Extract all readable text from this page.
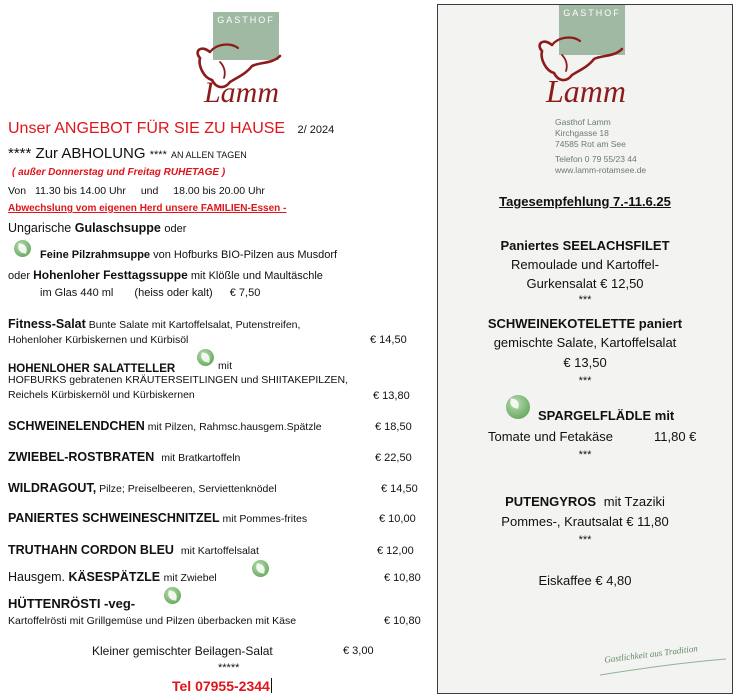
GASTHOF
Lamm
Unser ANGEBOT FÜR SIE ZU HAUSE 2/ 2024
**** Zur ABHOLUNG **** AN ALLEN TAGEN
( außer Donnerstag und Freitag RUHETAGE )
Von 11.30 bis 14.00 Uhr und 18.00 bis 20.00 Uhr
Abwechslung vom eigenen Herd unsere FAMILIEN-Essen -
Ungarische Gulaschsuppe oder
Feine Pilzrahmsuppe von Hofburks BIO-Pilzen aus Musdorf
oder Hohenloher Festtagssuppe mit Klößle und Maultäschle
im Glas 440 ml (heiss oder kalt) € 7,50
Fitness-Salat Bunte Salate mit Kartoffelsalat, Putenstreifen,
Hohenloher Kürbiskernen und Kürbisöl	€ 14,50
HOHENLOHER SALATTELLER	mit
HOFBURKS gebratenen KRÄUTERSEITLINGEN und SHIITAKEPILZEN,
Reichels Kürbiskernöl und Kürbiskernen	€ 13,80
SCHWEINELENDCHEN mit Pilzen, Rahmsc.hausgem.Spätzle	€ 18,50
ZWIEBEL-ROSTBRATEN mit Bratkartoffeln	€ 22,50
WILDRAGOUT, Pilze; Preiselbeeren, Serviettenknödel	€ 14,50
PANIERTES SCHWEINESCHNITZEL mit Pommes-frites	€ 10,00
TRUTHAHN CORDON BLEU mit Kartoffelsalat	€ 12,00
Hausgem. KÄSESPÄTZLE mit Zwiebel	€ 10,80
HÜTTENRÖSTI -veg-
Kartoffelrösti mit Grillgemüse und Pilzen überbacken mit Käse	€ 10,80
Kleiner gemischter Beilagen-Salat	€ 3,00
*****
Tel 07955-2344
GASTHOF
Lamm
Gasthof Lamm
Kirchgasse 18
74585 Rot am See
Telefon 0 79 55/23 44
www.lamm-rotamsee.de
Tagesempfehlung 7.-11.6.25
Paniertes SEELACHSFILET
Remoulade und Kartoffel-
Gurkensalat € 12,50
***
SCHWEINEKOTELETTE paniert
gemischte Salate, Kartoffelsalat
€ 13,50
***
SPARGELFLÄDLE mit
Tomate und Fetakäse	11,80 €
***
PUTENGYROS mit Tzaziki
Pommes-, Krautsalat € 11,80
***
Eiskaffee € 4,80
Gastlichkeit aus Tradition
